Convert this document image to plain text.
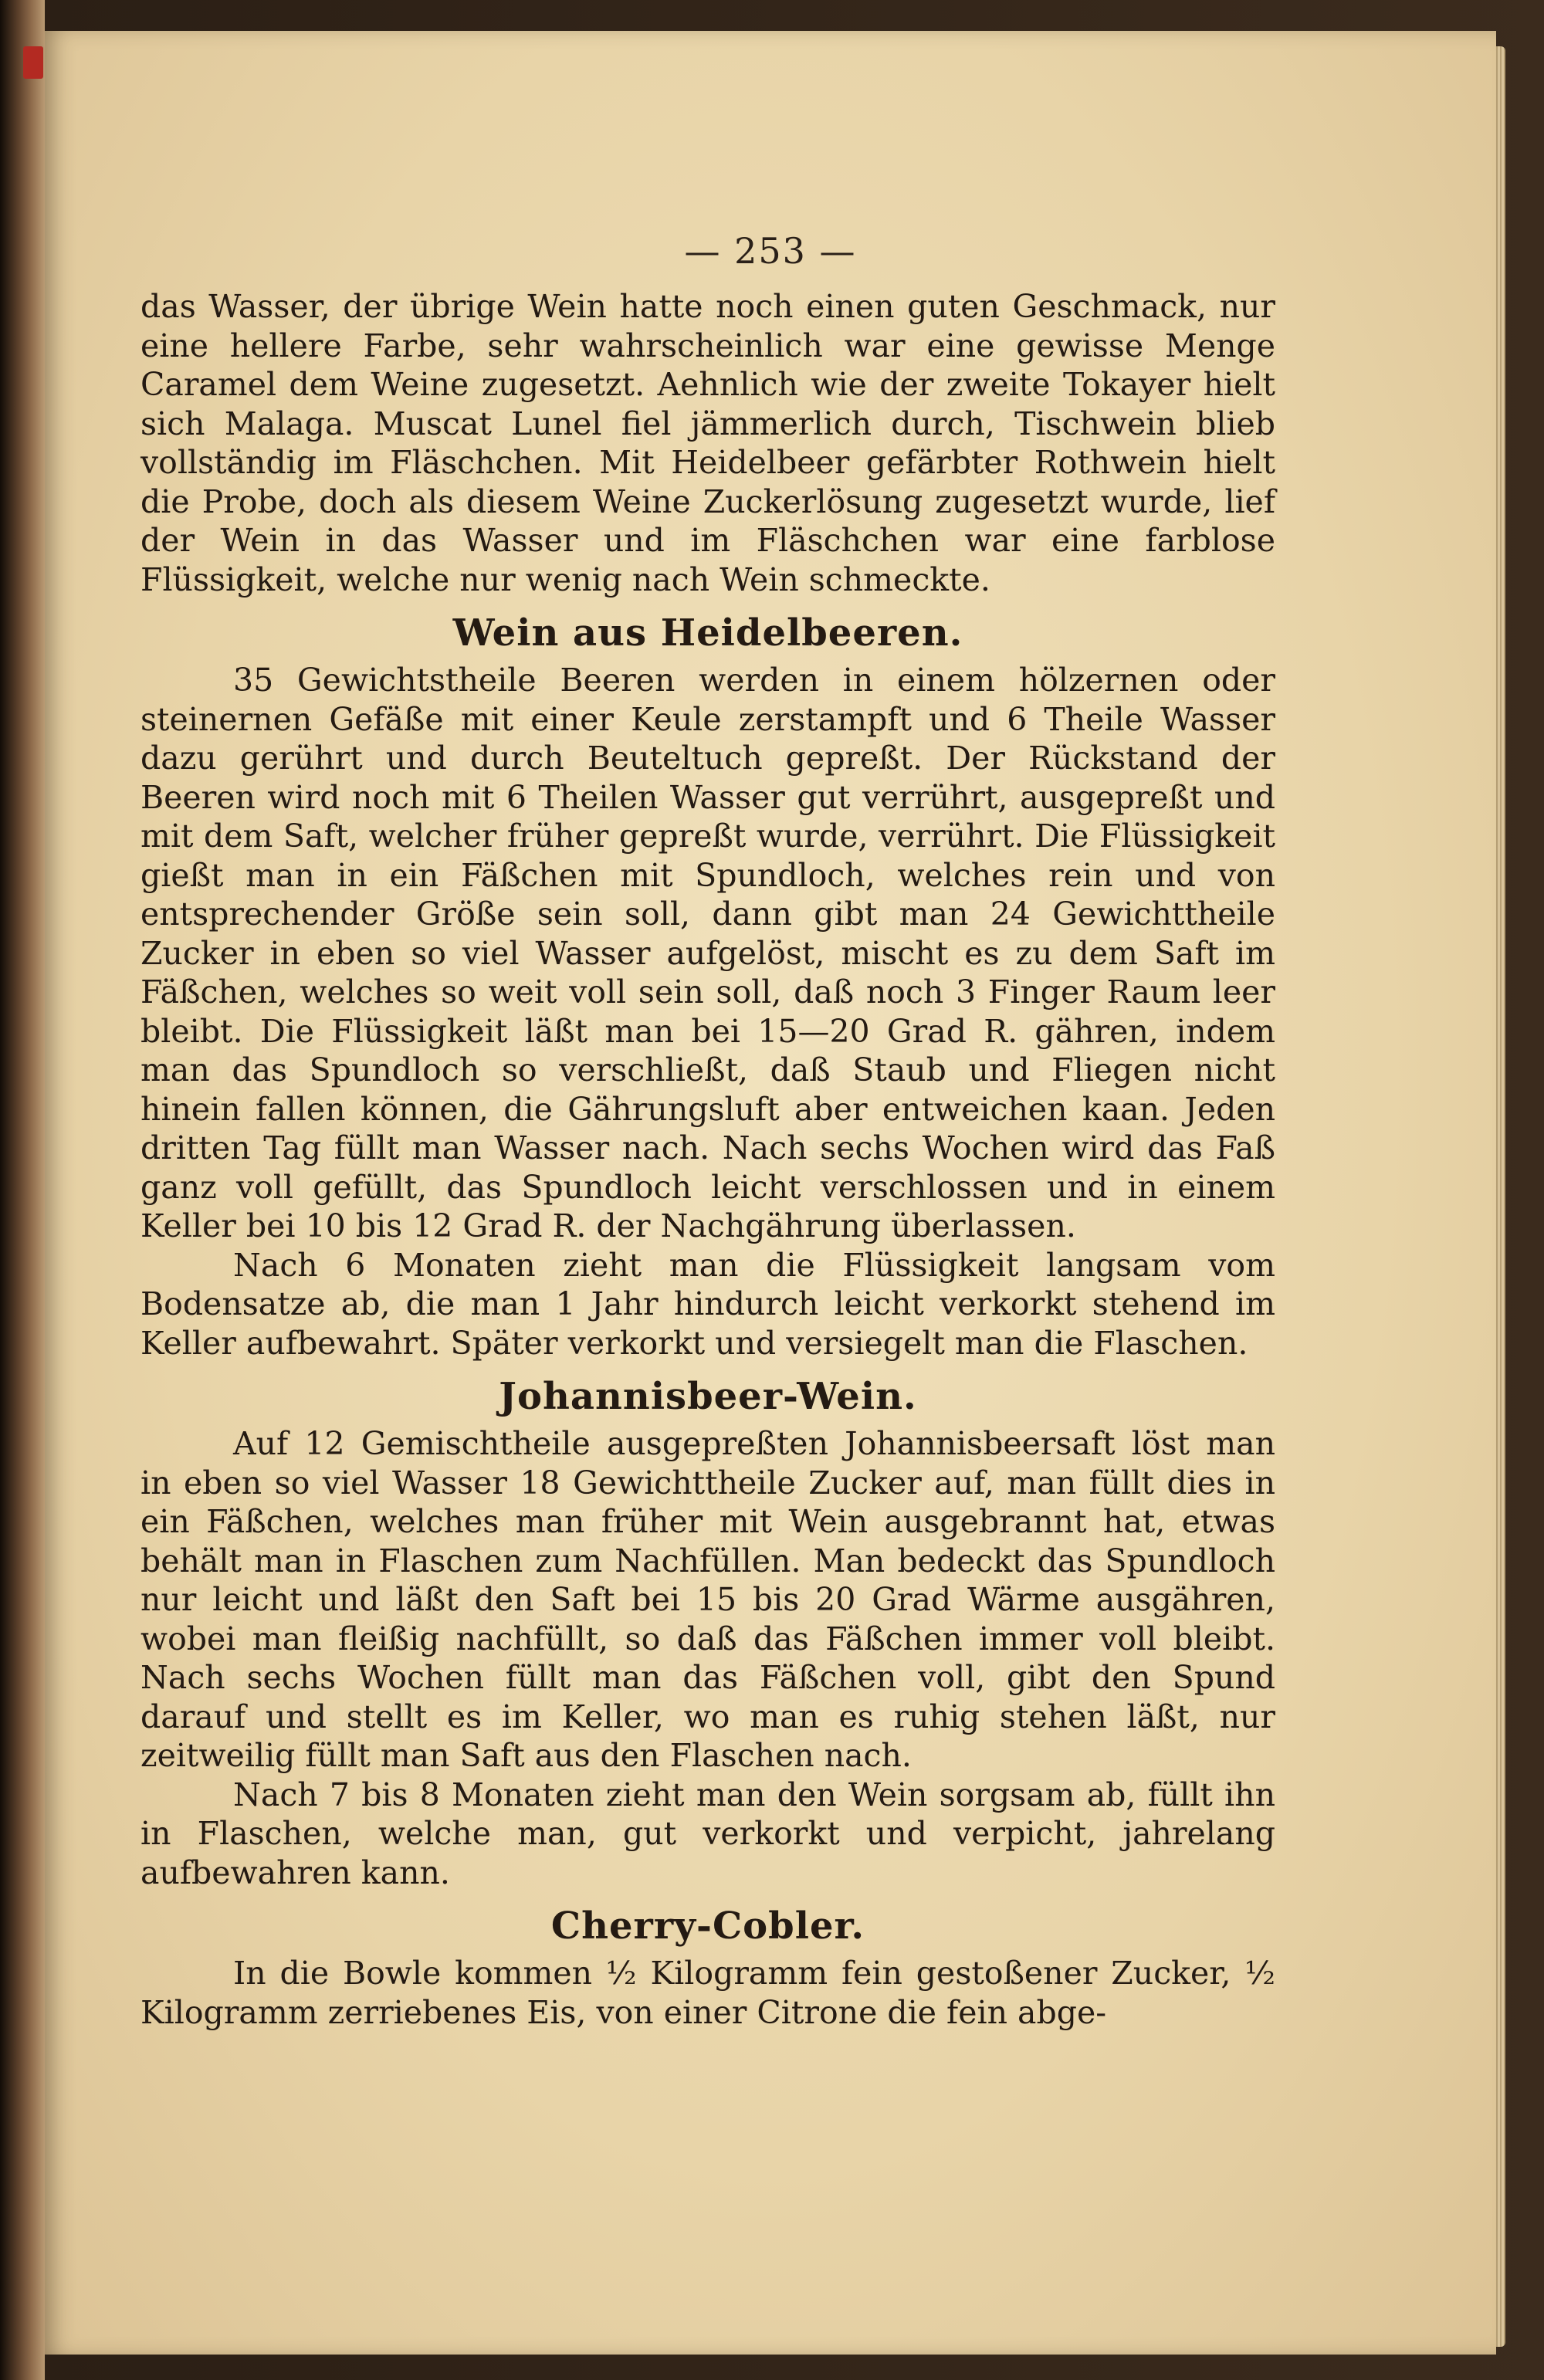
— 253 —

das Wasser, der übrige Wein hatte noch einen guten Geschmack, nur eine hellere Farbe, sehr wahrscheinlich war eine gewisse Menge Caramel dem Weine zugesetzt. Aehnlich wie der zweite Tokayer hielt sich Malaga. Muscat Lunel fiel jämmerlich durch, Tischwein blieb vollständig im Fläschchen. Mit Heidelbeer gefärbter Rothwein hielt die Probe, doch als diesem Weine Zuckerlösung zugesetzt wurde, lief der Wein in das Wasser und im Fläschchen war eine farblose Flüssigkeit, welche nur wenig nach Wein schmeckte.

Wein aus Heidelbeeren.

35 Gewichtstheile Beeren werden in einem hölzernen oder steinernen Gefäße mit einer Keule zerstampft und 6 Theile Wasser dazu gerührt und durch Beuteltuch gepreßt. Der Rückstand der Beeren wird noch mit 6 Theilen Wasser gut verrührt, ausgepreßt und mit dem Saft, welcher früher gepreßt wurde, verrührt. Die Flüssigkeit gießt man in ein Fäßchen mit Spundloch, welches rein und von entsprechender Größe sein soll, dann gibt man 24 Gewichttheile Zucker in eben so viel Wasser aufgelöst, mischt es zu dem Saft im Fäßchen, welches so weit voll sein soll, daß noch 3 Finger Raum leer bleibt. Die Flüssigkeit läßt man bei 15—20 Grad R. gähren, indem man das Spundloch so verschließt, daß Staub und Fliegen nicht hinein fallen können, die Gährungsluft aber entweichen kaan. Jeden dritten Tag füllt man Wasser nach. Nach sechs Wochen wird das Faß ganz voll gefüllt, das Spundloch leicht verschlossen und in einem Keller bei 10 bis 12 Grad R. der Nachgährung überlassen.

Nach 6 Monaten zieht man die Flüssigkeit langsam vom Bodensatze ab, die man 1 Jahr hindurch leicht verkorkt stehend im Keller aufbewahrt. Später verkorkt und versiegelt man die Flaschen.

Johannisbeer-Wein.

Auf 12 Gemischtheile ausgepreßten Johannisbeersaft löst man in eben so viel Wasser 18 Gewichttheile Zucker auf, man füllt dies in ein Fäßchen, welches man früher mit Wein ausgebrannt hat, etwas behält man in Flaschen zum Nachfüllen. Man bedeckt das Spundloch nur leicht und läßt den Saft bei 15 bis 20 Grad Wärme ausgähren, wobei man fleißig nachfüllt, so daß das Fäßchen immer voll bleibt. Nach sechs Wochen füllt man das Fäßchen voll, gibt den Spund darauf und stellt es im Keller, wo man es ruhig stehen läßt, nur zeitweilig füllt man Saft aus den Flaschen nach.

Nach 7 bis 8 Monaten zieht man den Wein sorgsam ab, füllt ihn in Flaschen, welche man, gut verkorkt und verpicht, jahrelang aufbewahren kann.

Cherry-Cobler.

In die Bowle kommen ½ Kilogramm fein gestoßener Zucker, ½ Kilogramm zerriebenes Eis, von einer Citrone die fein abge-
